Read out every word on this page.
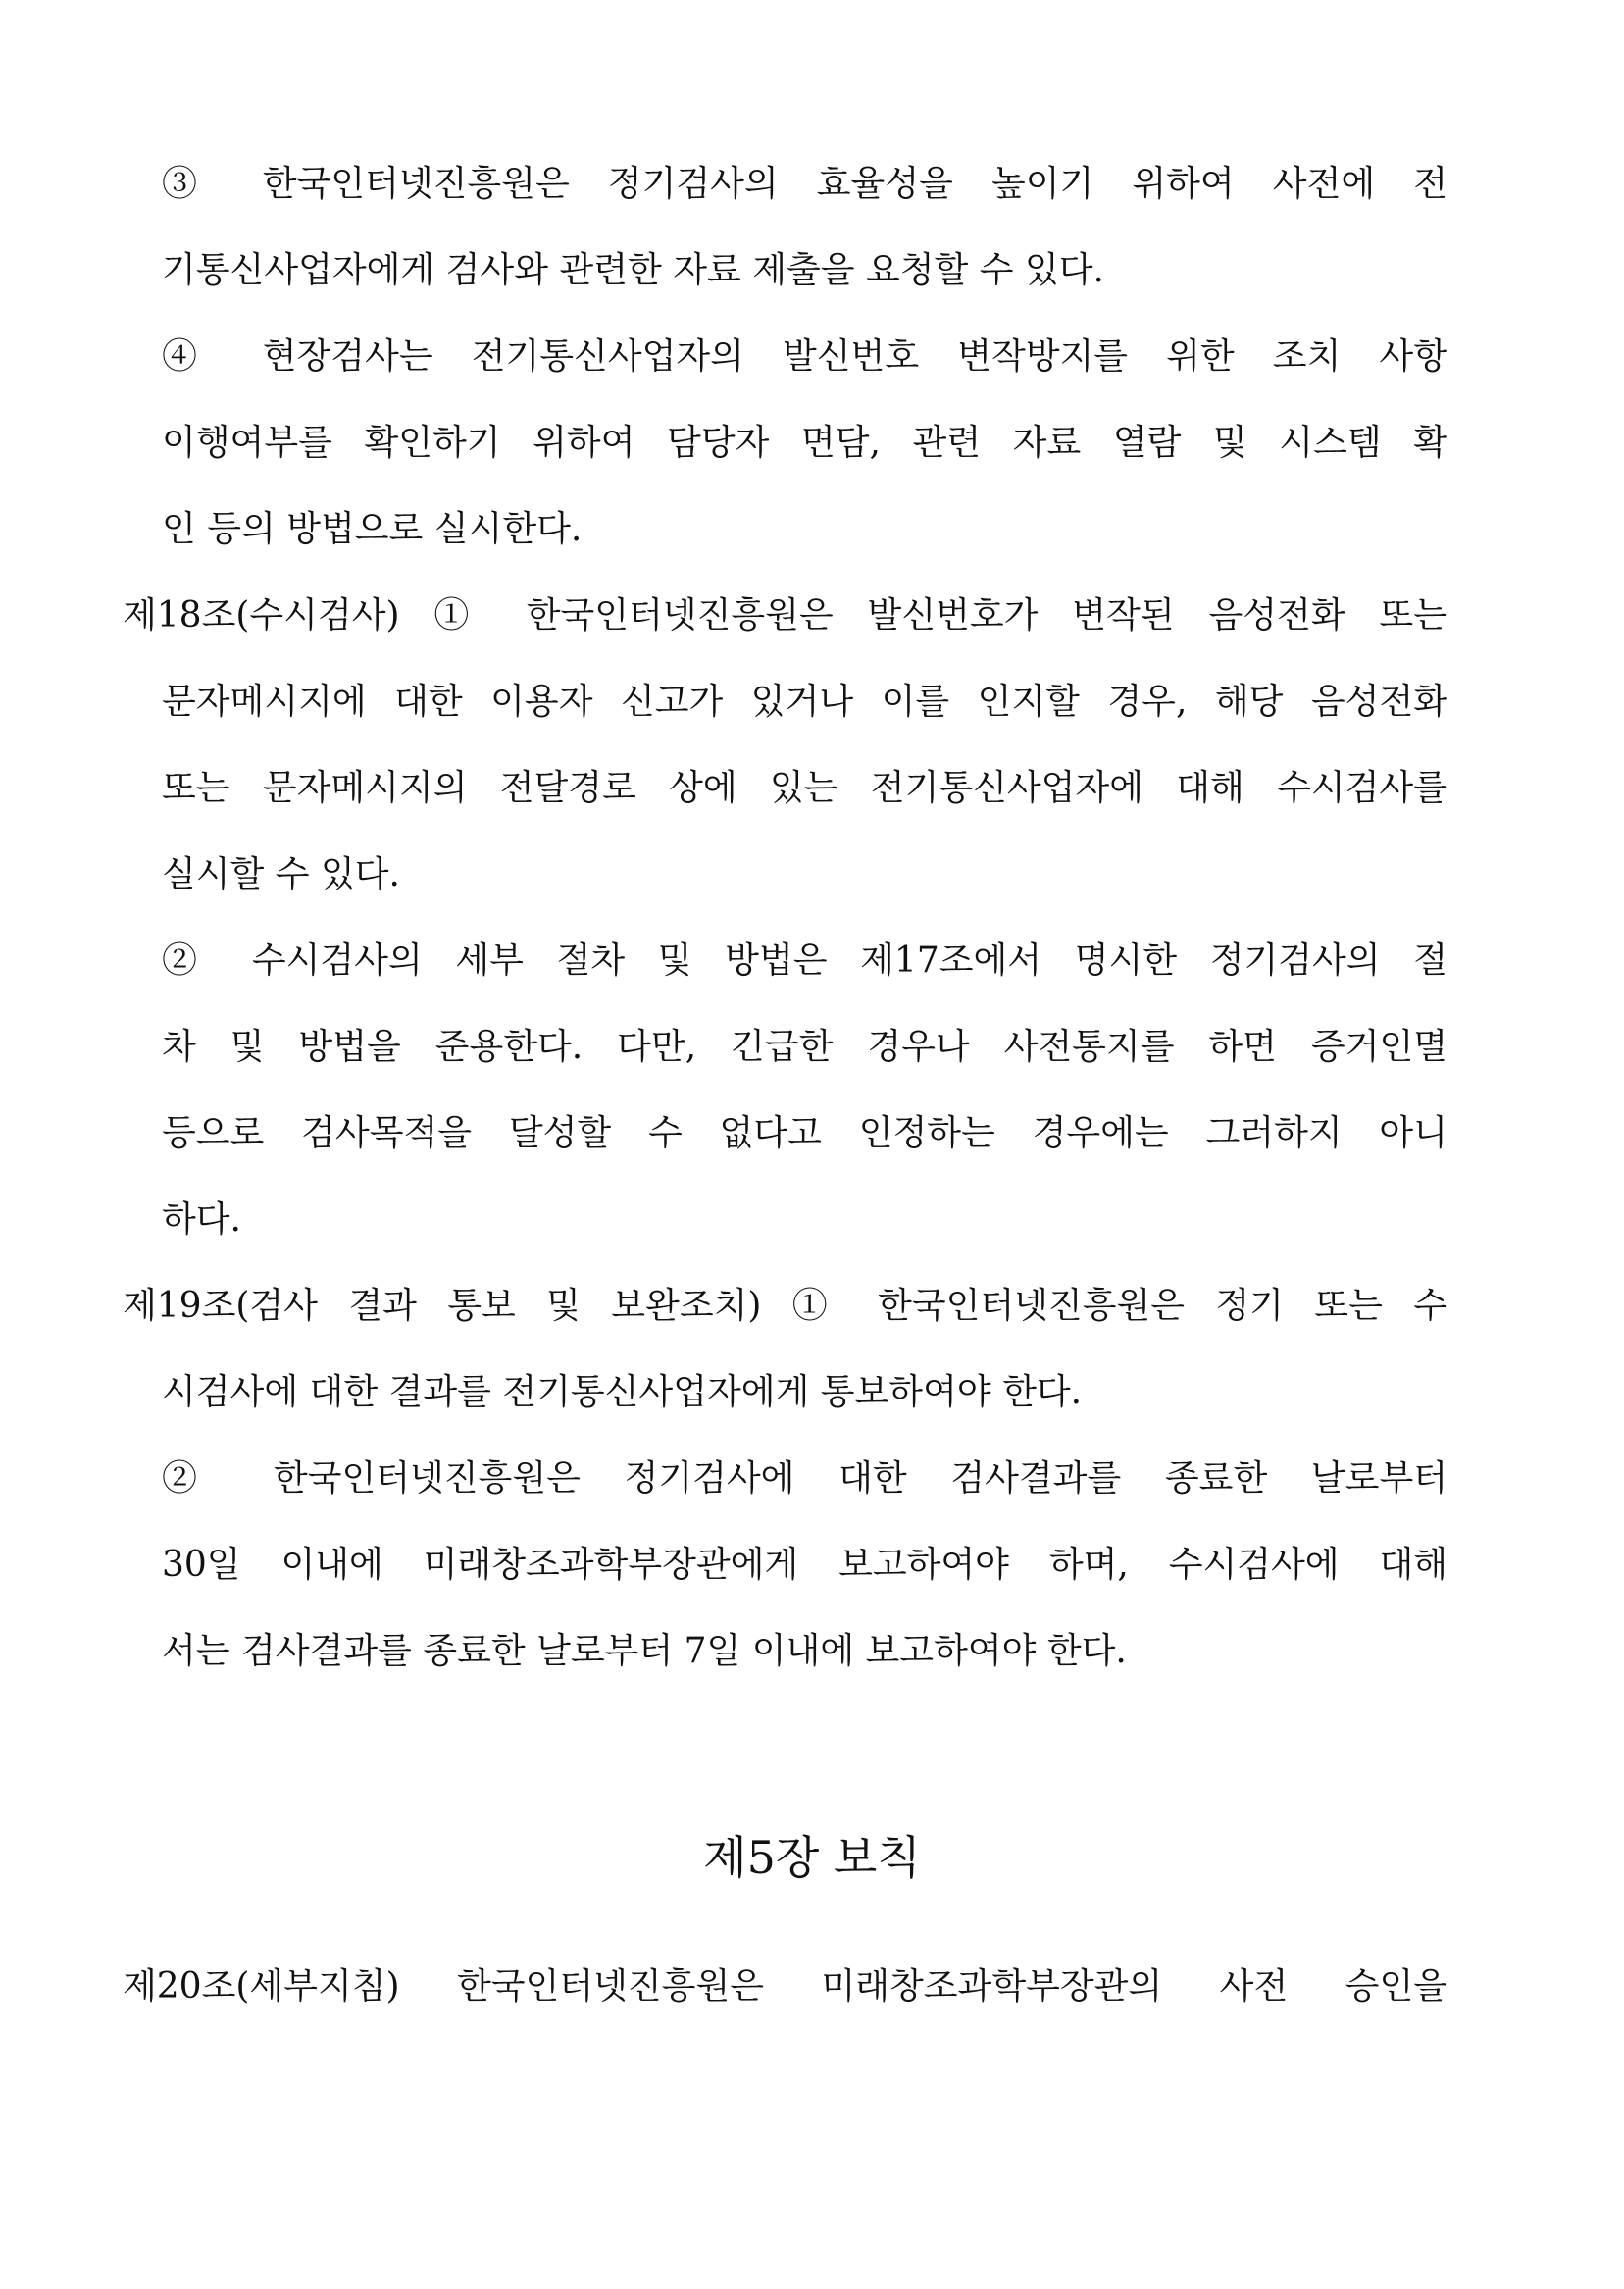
③ 한국인터넷진흥원은 정기검사의 효율성을 높이기 위하여 사전에 전
기통신사업자에게 검사와 관련한 자료 제출을 요청할 수 있다.
④ 현장검사는 전기통신사업자의 발신번호 변작방지를 위한 조치 사항
이행여부를 확인하기 위하여 담당자 면담, 관련 자료 열람 및 시스템 확
인 등의 방법으로 실시한다.
제18조(수시검사) ① 한국인터넷진흥원은 발신번호가 변작된 음성전화 또는
문자메시지에 대한 이용자 신고가 있거나 이를 인지할 경우, 해당 음성전화
또는 문자메시지의 전달경로 상에 있는 전기통신사업자에 대해 수시검사를
실시할 수 있다.
② 수시검사의 세부 절차 및 방법은 제17조에서 명시한 정기검사의 절
차 및 방법을 준용한다. 다만, 긴급한 경우나 사전통지를 하면 증거인멸
등으로 검사목적을 달성할 수 없다고 인정하는 경우에는 그러하지 아니
하다.
제19조(검사 결과 통보 및 보완조치) ① 한국인터넷진흥원은 정기 또는 수
시검사에 대한 결과를 전기통신사업자에게 통보하여야 한다.
② 한국인터넷진흥원은 정기검사에 대한 검사결과를 종료한 날로부터
30일 이내에 미래창조과학부장관에게 보고하여야 하며, 수시검사에 대해
서는 검사결과를 종료한 날로부터 7일 이내에 보고하여야 한다.
제5장 보칙
제20조(세부지침) 한국인터넷진흥원은 미래창조과학부장관의 사전 승인을
